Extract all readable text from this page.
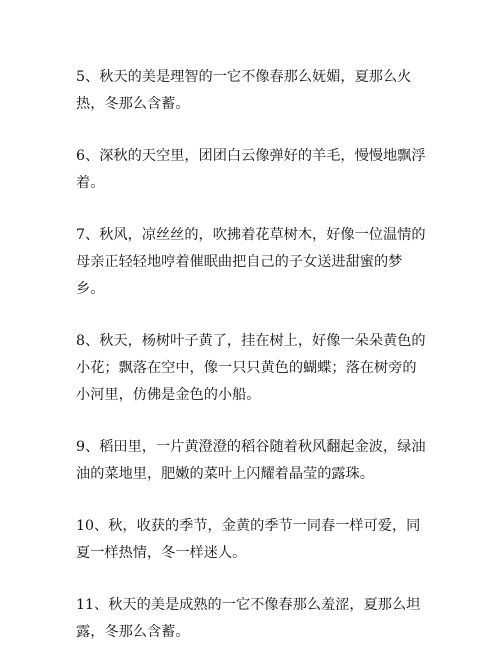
5、秋天的美是理智的一它不像春那么妩媚，夏那么火热，冬那么含蓄。

6、深秋的天空里，团团白云像弹好的羊毛，慢慢地飘浮着。

7、秋风，凉丝丝的，吹拂着花草树木，好像一位温情的母亲正轻轻地哼着催眠曲把自己的子女送进甜蜜的梦乡。

8、秋天，杨树叶子黄了，挂在树上，好像一朵朵黄色的小花；飘落在空中，像一只只黄色的蝴蝶；落在树旁的小河里，仿佛是金色的小船。

9、稻田里，一片黄澄澄的稻谷随着秋风翻起金波，绿油油的菜地里，肥嫩的菜叶上闪耀着晶莹的露珠。

10、秋，收获的季节，金黄的季节一同春一样可爱，同夏一样热情，冬一样迷人。

11、秋天的美是成熟的一它不像春那么羞涩，夏那么坦露，冬那么含蓄。
